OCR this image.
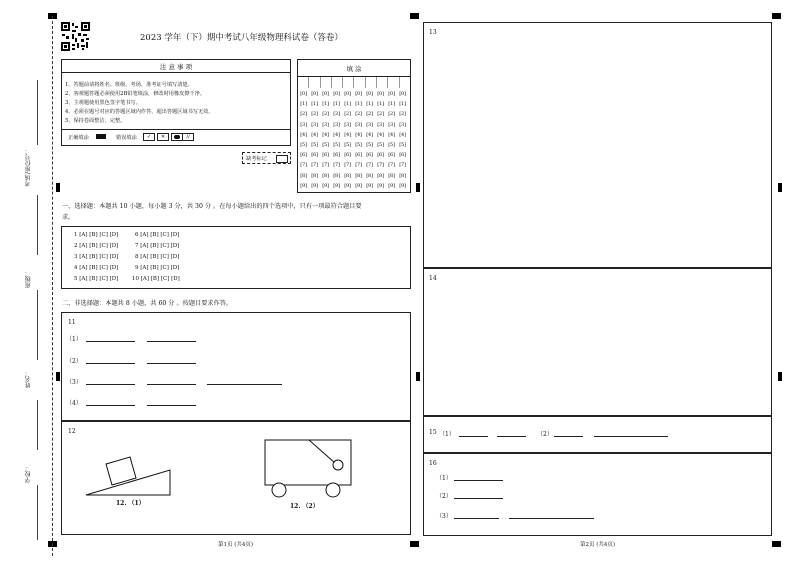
考场/座位号：
班级：
姓名：
学校：
2023 学年（下）期中考试八年级物理科试卷（答卷）
注 意 事 项
1、答题前请将姓名、班级、考场、准考证号填写清楚。
2、客观题答题必须使用2B铅笔填涂，修改时用橡皮擦干净。
3、主观题使用黑色签字笔书写。
4、必须在题号对应的答题区域内作答，超出答题区域书写无效。
5、保持卷面整洁、完整。
正确填涂	错误填涂	✓	✕	∕∕
填 涂
[0] [0] [0] [0] [0] [0] [0] [0] [0] [0]
[1] [1] [1] [1] [1] [1] [1] [1] [1] [1]
[2] [2] [2] [2] [2] [2] [2] [2] [2] [2]
[3] [3] [3] [3] [3] [3] [3] [3] [3] [3]
[4] [4] [4] [4] [4] [4] [4] [4] [4] [4]
[5] [5] [5] [5] [5] [5] [5] [5] [5] [5]
[6] [6] [6] [6] [6] [6] [6] [6] [6] [6]
[7] [7] [7] [7] [7] [7] [7] [7] [7] [7]
[8] [8] [8] [8] [8] [8] [8] [8] [8] [8]
[9] [9] [9] [9] [9] [9] [9] [9] [9] [9]
缺考标记
一、选择题：本题共 10 小题，每小题 3 分，共 30 分 。在每小题给出的四个选项中，只有一项最符合题目要
求。
1 [A] [B] [C] [D]
2 [A] [B] [C] [D]
3 [A] [B] [C] [D]
4 [A] [B] [C] [D]
5 [A] [B] [C] [D]
6 [A] [B] [C] [D]
7 [A] [B] [C] [D]
8 [A] [B] [C] [D]
9 [A] [B] [C] [D]
10 [A] [B] [C] [D]
二、非选择题：本题共 8 小题，共 60 分 。按题目要求作答。
11
（1）
（2）
（3）
（4）
12
12. （1）	12. （2）
第1页 (共4页)
13
14
15 （1）	（2）
16
（1）
（2）
（3）
第2页 (共4页)
